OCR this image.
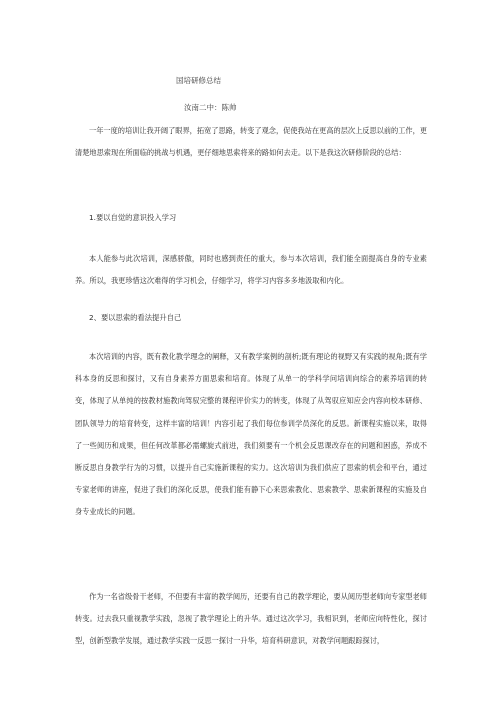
国培研修总结
汝南二中：陈帅

一年一度的培训让我开阔了眼界，拓宽了思路，转变了观念，促使我站在更高的层次上反思以前的工作，更清楚地思索现在所面临的挑战与机遇，更仔细地思索将来的路如何去走。以下是我这次研修阶段的总结：

1.要以自觉的意识投入学习

本人能参与此次培训，深感骄傲，同时也感到责任的重大，参与本次培训，我们能全面提高自身的专业素养。所以，我更珍惜这次难得的学习机会，仔细学习，将学习内容多多地汲取和内化。

2、要以思索的看法提升自己

本次培训的内容，既有教化教学理念的阐释，又有教学案例的剖析;既有理论的视野又有实践的视角;既有学科本身的反思和探讨，又有自身素养方面思索和培育。体现了从单一的学科学问培训向综合的素养培训的转变，体现了从单纯的按教材施教向驾驭完整的课程评价实力的转变，体现了从驾驭应知应会内容向校本研修、团队领导力的培育转变，这样丰富的培训！内容引起了我们每位参训学员深化的反思。新课程实施以来，取得了一些阅历和成果，但任何改革都必需螺旋式前进，我们须要有一个机会反思课改存在的问题和困惑，养成不断反思自身教学行为的习惯，以提升自己实施新课程的实力。这次培训为我们供应了思索的机会和平台，通过专家老师的讲座，促进了我们的深化反思，使我们能有静下心来思索教化、思索教学、思索新课程的实施及自身专业成长的问题。

作为一名省级骨干老师，不但要有丰富的教学阅历，还要有自己的教学理论，要从阅历型老师向专家型老师转变。过去我只重视教学实践，忽视了教学理论上的升华。通过这次学习，我相识到，老师应向特性化，探讨型，创新型教学发展，通过教学实践一反思一探讨一升华，培育科研意识，对教学问题跟踪探讨，
